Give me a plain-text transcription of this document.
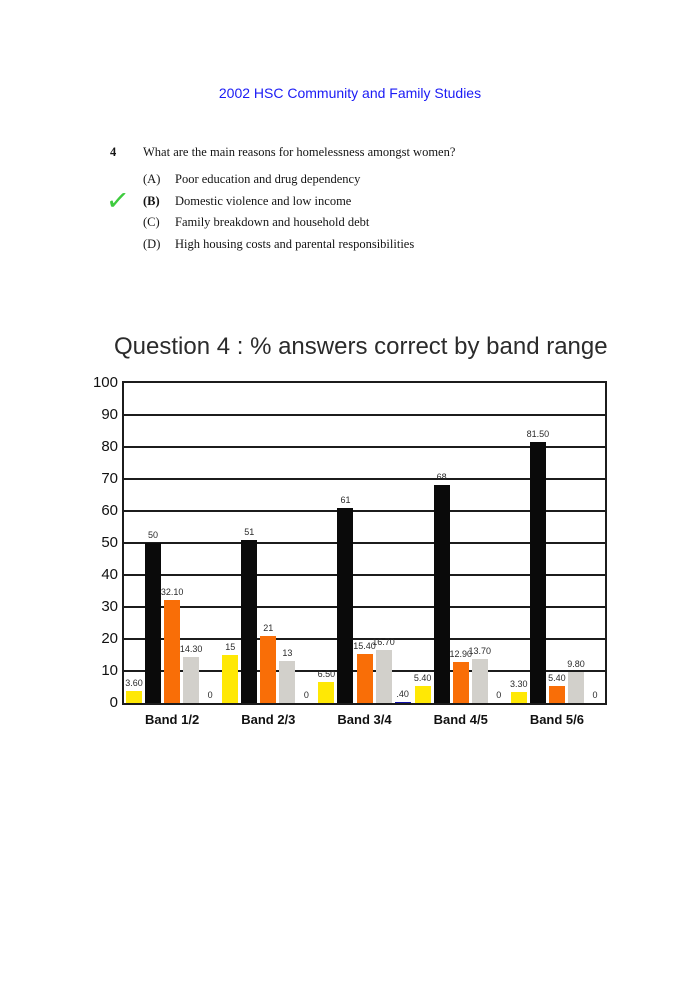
2002 HSC Community and Family Studies
4	What are the main reasons for homelessness amongst women?
(A)	Poor education and drug dependency
✓ (B)	Domestic violence and low income
(C)	Family breakdown and household debt
(D)	High housing costs and parental responsibilities
Question 4 : % answers correct by band range
0
10
20
30
40
50
60
70
80
90
100
3.60
50
32.10
14.30
0
15
51
21
13
0
6.50
61
15.40
16.70
.40
5.40
68
12.90
13.70
0
3.30
81.50
5.40
9.80
0
Band 1/2	Band 2/3	Band 3/4	Band 4/5	Band 5/6
